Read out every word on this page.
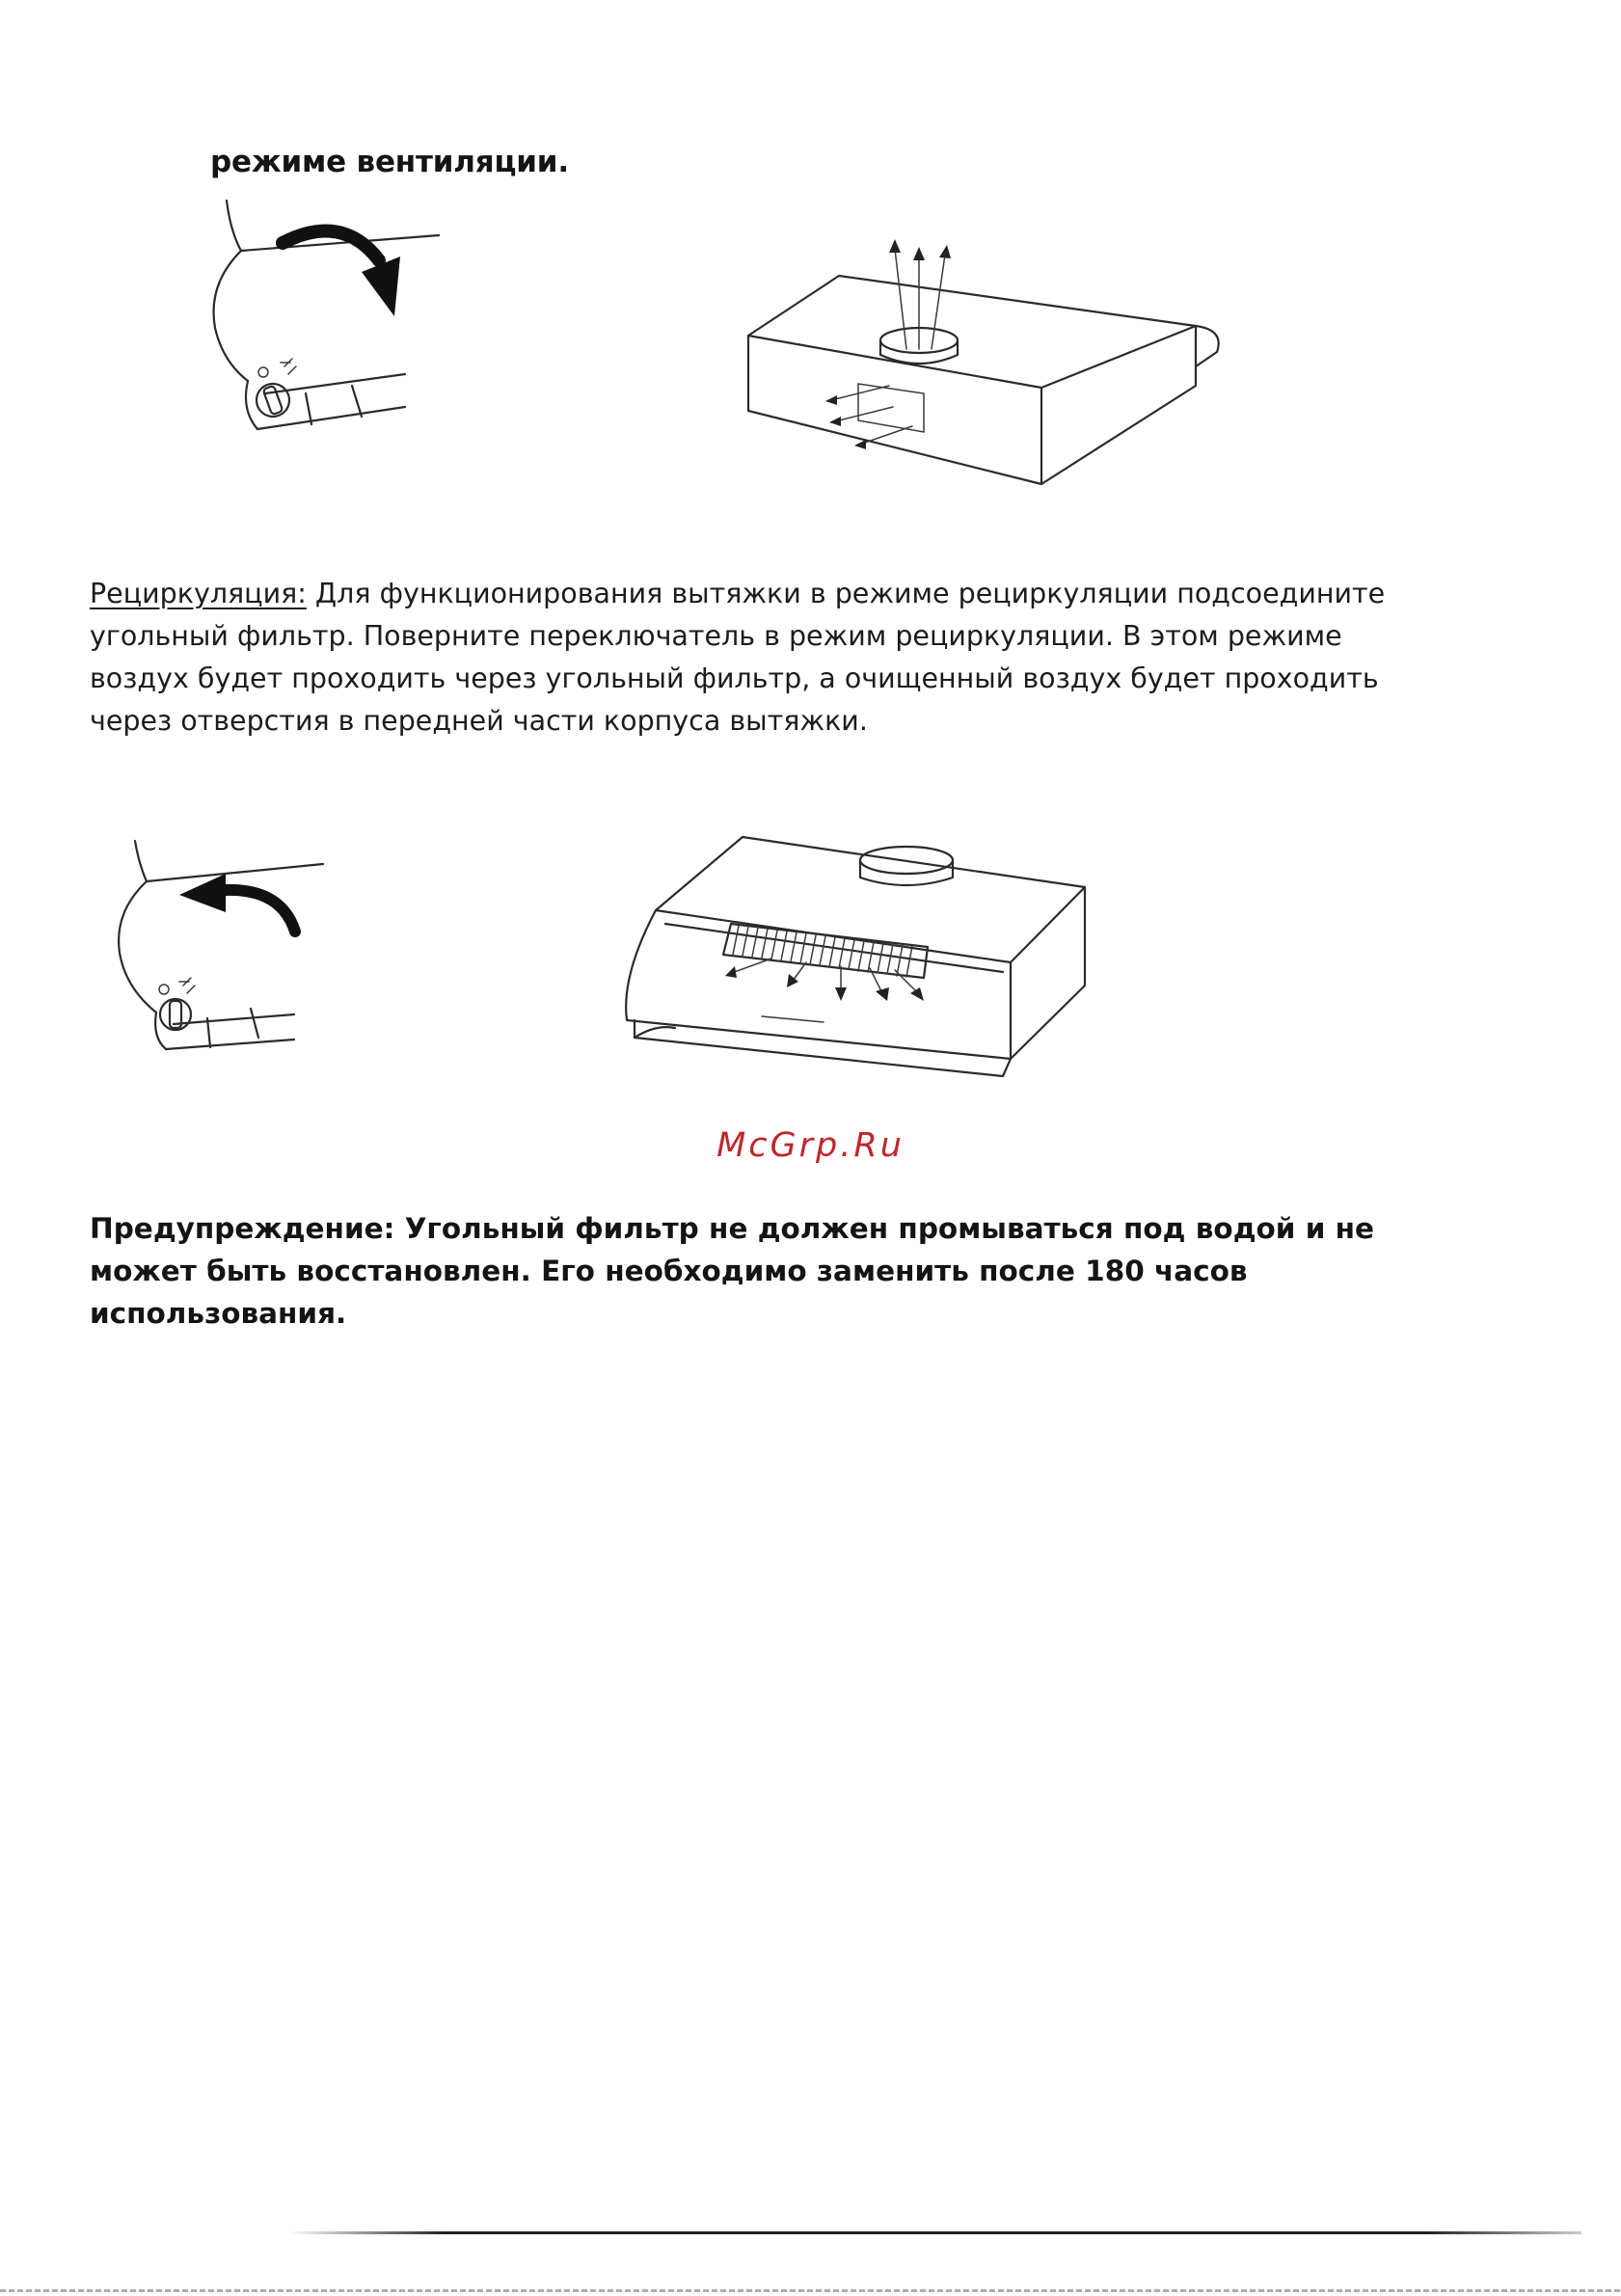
режиме вентиляции.
Рециркуляция: Для функционирования вытяжки в режиме рециркуляции подсоедините угольный фильтр. Поверните переключатель в режим рециркуляции. В этом режиме воздух будет проходить через угольный фильтр, а очищенный воздух будет проходить через отверстия в передней части корпуса вытяжки.
McGrp.Ru
Предупреждение: Угольный фильтр не должен промываться под водой и не может быть восстановлен. Его необходимо заменить после 180 часов использования.
